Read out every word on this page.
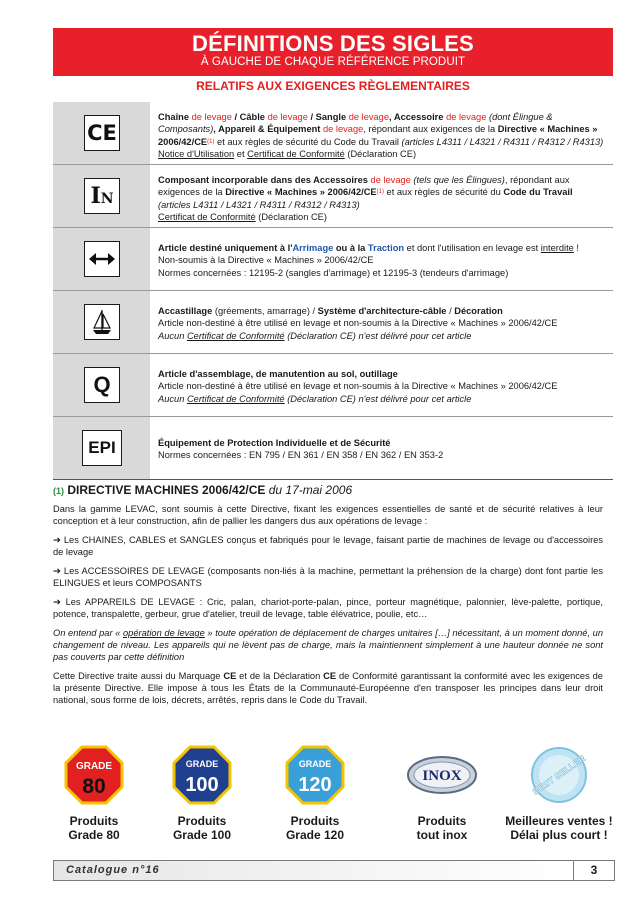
DÉFINITIONS DES SIGLES
À GAUCHE DE CHAQUE RÉFÉRENCE PRODUIT
RELATIFS AUX EXIGENCES RÈGLEMENTAIRES
CE
Chaîne de levage / Câble de levage / Sangle de levage, Accessoire de levage (dont Élingue &
Composants), Appareil & Équipement de levage, répondant aux exigences de la Directive « Machines »
2006/42/CE$^{(1)}$ et aux règles de sécurité du Code du Travail (articles L4311 / L4321 / R4311 / R4312 / R4313)
Notice d'Utilisation et Certificat de Conformité (Déclaration CE)
I N
Composant incorporable dans des Accessoires de levage (tels que les Élingues), répondant aux
exigences de la Directive « Machines » 2006/42/CE$^{(1)}$ et aux règles de sécurité du Code du Travail
(articles L4311 / L4321 / R4311 / R4312 / R4313)
Certificat de Conformité (Déclaration CE)
Article destiné uniquement à l'Arrimage ou à la Traction et dont l'utilisation en levage est interdite !
Non-soumis à la Directive « Machines » 2006/42/CE
Normes concernées : 12195-2 (sangles d'arrimage) et 12195-3 (tendeurs d'arrimage)
Accastillage (gréements, amarrage) / Système d'architecture-câble / Décoration
Article non-destiné à être utilisé en levage et non-soumis à la Directive « Machines » 2006/42/CE
Aucun Certificat de Conformité (Déclaration CE) n'est délivré pour cet article
Q	Article d'assemblage, de manutention au sol, outillage
Article non-destiné à être utilisé en levage et non-soumis à la Directive « Machines » 2006/42/CE
Aucun Certificat de Conformité (Déclaration CE) n'est délivré pour cet article
EPI	Équipement de Protection Individuelle et de Sécurité
Normes concernées : EN 795 / EN 361 / EN 358 / EN 362 / EN 353-2
(1) DIRECTIVE MACHINES 2006/42/CE du 17-mai 2006

Dans la gamme LEVAC, sont soumis à cette Directive, fixant les exigences essentielles de santé et de sécurité relatives à leur conception et à leur construction, afin de pallier les dangers dus aux opérations de levage :

➔ Les CHAINES, CABLES et SANGLES conçus et fabriqués pour le levage, faisant partie de machines de levage ou d'accessoires de levage

➔ Les ACCESSOIRES DE LEVAGE (composants non-liés à la machine, permettant la préhension de la charge) dont font partie les ELINGUES et leurs COMPOSANTS

➔ Les APPAREILS DE LEVAGE : Cric, palan, chariot-porte-palan, pince, porteur magnétique, palonnier, lève-palette, portique, potence, transpalette, gerbeur, grue d'atelier, treuil de levage, table élévatrice, poulie, etc…

On entend par « opération de levage » toute opération de déplacement de charges unitaires […] nécessitant, à un moment donné, un changement de niveau. Les appareils qui ne lèvent pas de charge, mais la maintiennent simplement à une hauteur donnée ne sont pas couverts par cette définition

Cette Directive traite aussi du Marquage CE et de la Déclaration CE de Conformité garantissant la conformité avec les exigences de la présente Directive. Elle impose à tous les États de la Communauté-Européenne d'en transposer les principes dans leur droit national, sous forme de lois, décrets, arrêtés, repris dans le Code du Travail.

GRADE
80
Produits
Grade 80
GRADE
100
Produits
Grade 100
GRADE
120
Produits
Grade 120
INOX
Produits
tout inox
BEST SELLER
Meilleures ventes !
Délai plus court !
Catalogue n°16	3
